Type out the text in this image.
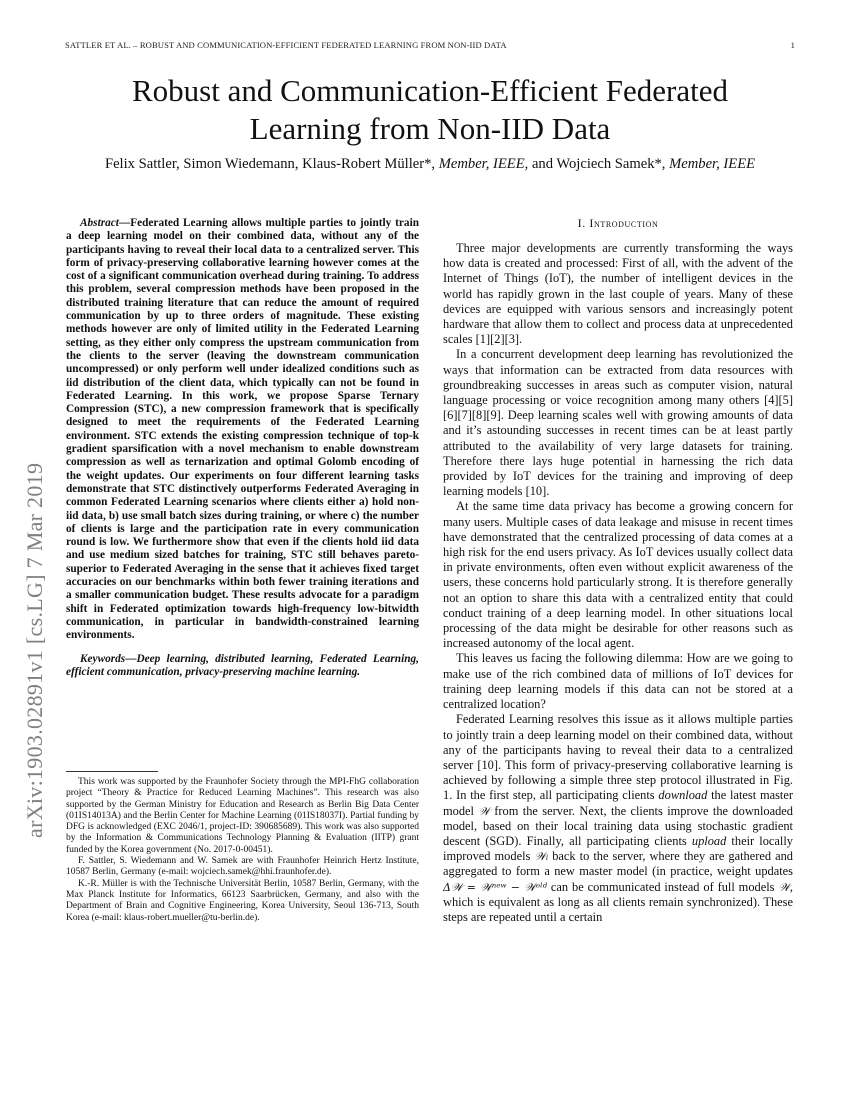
SATTLER ET AL. – ROBUST AND COMMUNICATION-EFFICIENT FEDERATED LEARNING FROM NON-IID DATA	1
Robust and Communication-Efficient Federated
Learning from Non-IID Data
Felix Sattler, Simon Wiedemann, Klaus-Robert Müller*, Member, IEEE, and Wojciech Samek*, Member, IEEE
arXiv:1903.02891v1 [cs.LG] 7 Mar 2019

Abstract—Federated Learning allows multiple parties to jointly train a deep learning model on their combined data, without any of the participants having to reveal their local data to a centralized server. This form of privacy-preserving collaborative learning however comes at the cost of a significant communication overhead during training. To address this problem, several compression methods have been proposed in the distributed training literature that can reduce the amount of required communication by up to three orders of magnitude. These existing methods however are only of limited utility in the Federated Learning setting, as they either only compress the upstream communication from the clients to the server (leaving the downstream communication uncompressed) or only perform well under idealized conditions such as iid distribution of the client data, which typically can not be found in Federated Learning. In this work, we propose Sparse Ternary Compression (STC), a new compression framework that is specifically designed to meet the requirements of the Federated Learning environment. STC extends the existing compression technique of top-k gradient sparsification with a novel mechanism to enable downstream compression as well as ternarization and optimal Golomb encoding of the weight updates. Our experiments on four different learning tasks demonstrate that STC distinctively outperforms Federated Averaging in common Federated Learning scenarios where clients either a) hold non-iid data, b) use small batch sizes during training, or where c) the number of clients is large and the participation rate in every communication round is low. We furthermore show that even if the clients hold iid data and use medium sized batches for training, STC still behaves pareto-superior to Federated Averaging in the sense that it achieves fixed target accuracies on our benchmarks within both fewer training iterations and a smaller communication budget. These results advocate for a paradigm shift in Federated optimization towards high-frequency low-bitwidth communication, in particular in bandwidth-constrained learning environments.

Keywords—Deep learning, distributed learning, Federated Learning, efficient communication, privacy-preserving machine learning.

This work was supported by the Fraunhofer Society through the MPI-FhG collaboration project “Theory & Practice for Reduced Learning Machines”. This research was also supported by the German Ministry for Education and Research as Berlin Big Data Center (01IS14013A) and the Berlin Center for Machine Learning (01IS18037I). Partial funding by DFG is acknowledged (EXC 2046/1, project-ID: 390685689). This work was also supported by the Information & Communications Technology Planning & Evaluation (IITP) grant funded by the Korea government (No. 2017-0-00451).

F. Sattler, S. Wiedemann and W. Samek are with Fraunhofer Heinrich Hertz Institute, 10587 Berlin, Germany (e-mail: wojciech.samek@hhi.fraunhofer.de).

K.-R. Müller is with the Technische Universität Berlin, 10587 Berlin, Germany, with the Max Planck Institute for Informatics, 66123 Saarbrücken, Germany, and also with the Department of Brain and Cognitive Engineering, Korea University, Seoul 136-713, South Korea (e-mail: klaus-robert.mueller@tu-berlin.de).

I. Introduction

Three major developments are currently transforming the ways how data is created and processed: First of all, with the advent of the Internet of Things (IoT), the number of intelligent devices in the world has rapidly grown in the last couple of years. Many of these devices are equipped with various sensors and increasingly potent hardware that allow them to collect and process data at unprecedented scales [1][2][3].

In a concurrent development deep learning has revolutionized the ways that information can be extracted from data resources with groundbreaking successes in areas such as computer vision, natural language processing or voice recognition among many others [4][5][6][7][8][9]. Deep learning scales well with growing amounts of data and it’s astounding successes in recent times can be at least partly attributed to the availability of very large datasets for training. Therefore there lays huge potential in harnessing the rich data provided by IoT devices for the training and improving of deep learning models [10].

At the same time data privacy has become a growing concern for many users. Multiple cases of data leakage and misuse in recent times have demonstrated that the centralized processing of data comes at a high risk for the end users privacy. As IoT devices usually collect data in private environments, often even without explicit awareness of the users, these concerns hold particularly strong. It is therefore generally not an option to share this data with a centralized entity that could conduct training of a deep learning model. In other situations local processing of the data might be desirable for other reasons such as increased autonomy of the local agent.

This leaves us facing the following dilemma: How are we going to make use of the rich combined data of millions of IoT devices for training deep learning models if this data can not be stored at a centralized location?

Federated Learning resolves this issue as it allows multiple parties to jointly train a deep learning model on their combined data, without any of the participants having to reveal their data to a centralized server [10]. This form of privacy-preserving collaborative learning is achieved by following a simple three step protocol illustrated in Fig. 1. In the first step, all participating clients download the latest master model 𝒲 from the server. Next, the clients improve the downloaded model, based on their local training data using stochastic gradient descent (SGD). Finally, all participating clients upload their locally improved models 𝒲ᵢ back to the server, where they are gathered and aggregated to form a new master model (in practice, weight updates Δ𝒲 = 𝒲ⁿᵉʷ − 𝒲ᵒˡᵈ can be communicated instead of full models 𝒲, which is equivalent as long as all clients remain synchronized). These steps are repeated until a certain
